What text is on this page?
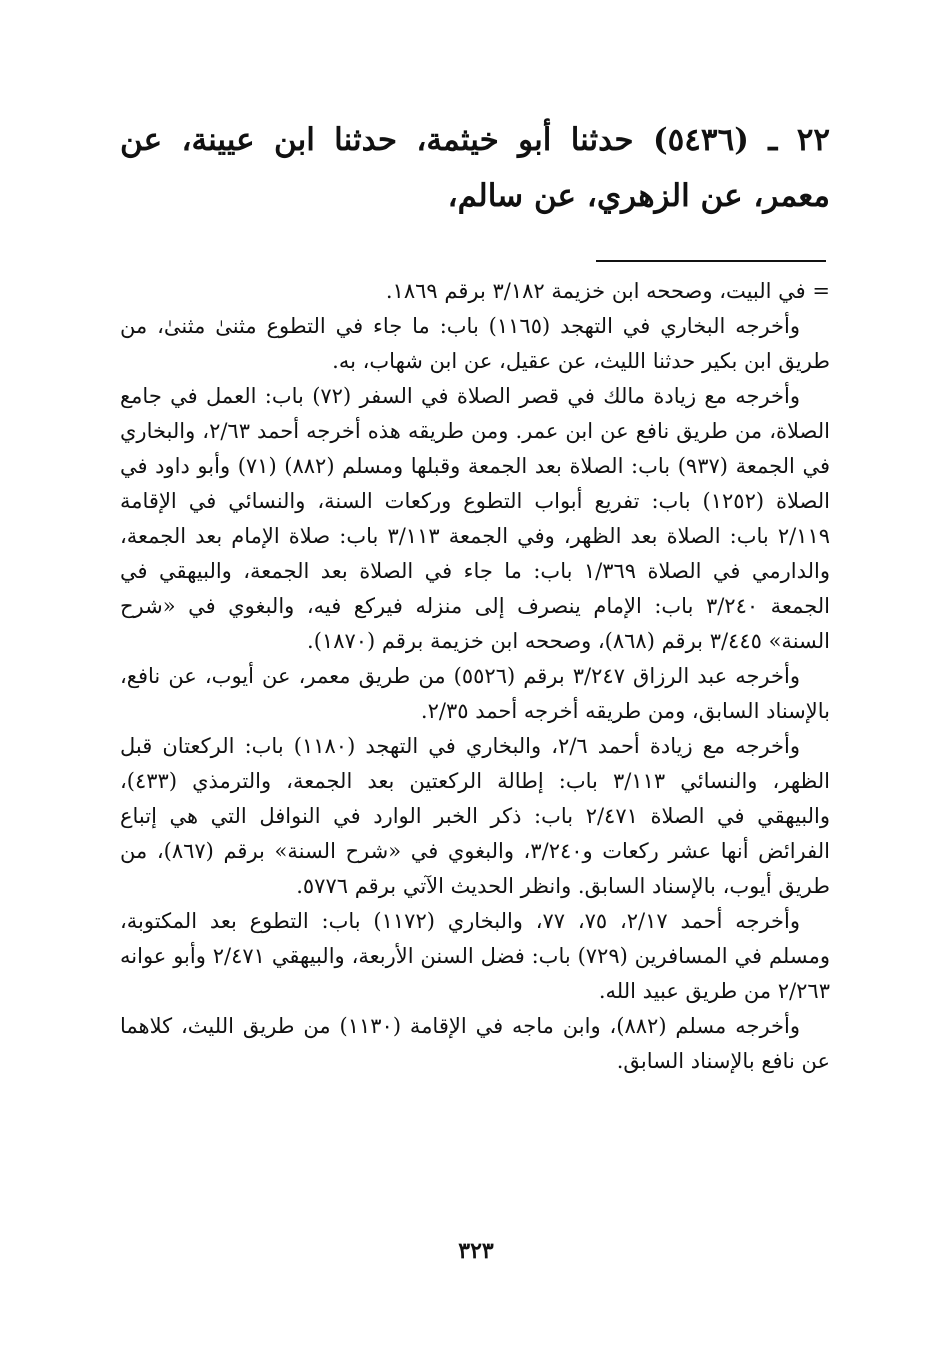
٢٢ ـ (٥٤٣٦) حدثنا أبو خيثمة، حدثنا ابن عيينة، عن معمر، عن الزهري، عن سالم،

= في البيت، وصححه ابن خزيمة ٣/١٨٢ برقم ١٨٦٩.

وأخرجه البخاري في التهجد (١١٦٥) باب: ما جاء في التطوع مثنىٰ مثنىٰ، من طريق ابن بكير حدثنا الليث، عن عقيل، عن ابن شهاب، به.

وأخرجه مع زيادة مالك في قصر الصلاة في السفر (٧٢) باب: العمل في جامع الصلاة، من طريق نافع عن ابن عمر. ومن طريقه هذه أخرجه أحمد ٢/٦٣، والبخاري في الجمعة (٩٣٧) باب: الصلاة بعد الجمعة وقبلها ومسلم (٨٨٢) (٧١) وأبو داود في الصلاة (١٢٥٢) باب: تفريع أبواب التطوع وركعات السنة، والنسائي في الإقامة ٢/١١٩ باب: الصلاة بعد الظهر، وفي الجمعة ٣/١١٣ باب: صلاة الإمام بعد الجمعة، والدارمي في الصلاة ١/٣٦٩ باب: ما جاء في الصلاة بعد الجمعة، والبيهقي في الجمعة ٣/٢٤٠ باب: الإمام ينصرف إلى منزله فيركع فيه، والبغوي في «شرح السنة» ٣/٤٤٥ برقم (٨٦٨)، وصححه ابن خزيمة برقم (١٨٧٠).

وأخرجه عبد الرزاق ٣/٢٤٧ برقم (٥٥٢٦) من طريق معمر، عن أيوب، عن نافع، بالإسناد السابق، ومن طريقه أخرجه أحمد ٢/٣٥.

وأخرجه مع زيادة أحمد ٢/٦، والبخاري في التهجد (١١٨٠) باب: الركعتان قبل الظهر، والنسائي ٣/١١٣ باب: إطالة الركعتين بعد الجمعة، والترمذي (٤٣٣)، والبيهقي في الصلاة ٢/٤٧١ باب: ذكر الخبر الوارد في النوافل التي هي إتباع الفرائض أنها عشر ركعات و٣/٢٤٠، والبغوي في «شرح السنة» برقم (٨٦٧)، من طريق أيوب، بالإسناد السابق. وانظر الحديث الآتي برقم ٥٧٧٦.

وأخرجه أحمد ٢/١٧، ٧٥، ٧٧، والبخاري (١١٧٢) باب: التطوع بعد المكتوبة، ومسلم في المسافرين (٧٢٩) باب: فضل السنن الأربعة، والبيهقي ٢/٤٧١ وأبو عوانه ٢/٢٦٣ من طريق عبيد الله.

وأخرجه مسلم (٨٨٢)، وابن ماجه في الإقامة (١١٣٠) من طريق الليث، كلاهما عن نافع بالإسناد السابق.

٣٢٣
